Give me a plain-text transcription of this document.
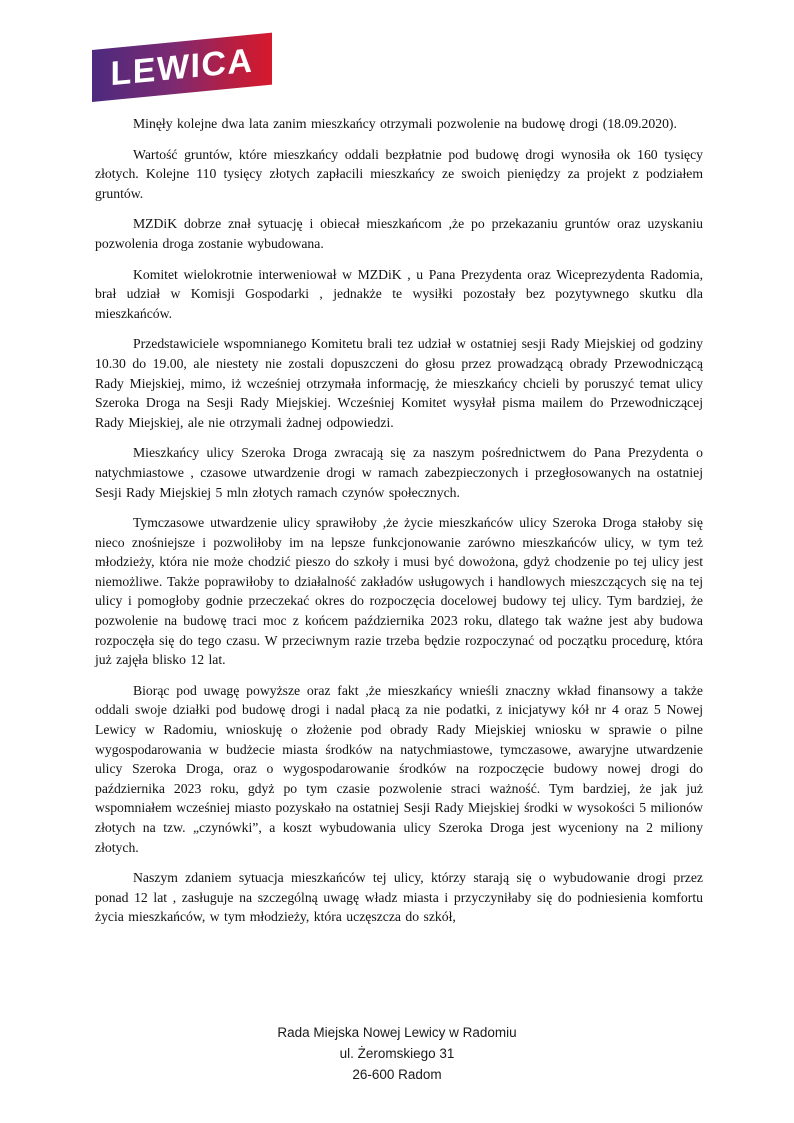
LEWICA

Minęły kolejne dwa lata zanim mieszkańcy otrzymali pozwolenie na budowę drogi (18.09.2020).

Wartość gruntów, które mieszkańcy oddali bezpłatnie pod budowę drogi wynosiła ok 160 tysięcy złotych. Kolejne 110 tysięcy złotych zapłacili mieszkańcy ze swoich pieniędzy za projekt z podziałem gruntów.

MZDiK dobrze znał sytuację i obiecał mieszkańcom ,że po przekazaniu gruntów oraz uzyskaniu pozwolenia droga zostanie wybudowana.

Komitet wielokrotnie interweniował w MZDiK , u Pana Prezydenta oraz Wiceprezydenta Radomia, brał udział w Komisji Gospodarki , jednakże te wysiłki pozostały bez pozytywnego skutku dla mieszkańców.

Przedstawiciele wspomnianego Komitetu brali tez udział w ostatniej sesji Rady Miejskiej od godziny 10.30 do 19.00, ale niestety nie zostali dopuszczeni do głosu przez prowadzącą obrady Przewodniczącą Rady Miejskiej, mimo, iż wcześniej otrzymała informację, że mieszkańcy chcieli by poruszyć temat ulicy Szeroka Droga na Sesji Rady Miejskiej. Wcześniej Komitet wysyłał pisma mailem do Przewodniczącej Rady Miejskiej, ale nie otrzymali żadnej odpowiedzi.

Mieszkańcy ulicy Szeroka Droga zwracają się za naszym pośrednictwem do Pana Prezydenta o natychmiastowe , czasowe utwardzenie drogi w ramach zabezpieczonych i przegłosowanych na ostatniej Sesji Rady Miejskiej 5 mln złotych ramach czynów społecznych.

Tymczasowe utwardzenie ulicy sprawiłoby ,że życie mieszkańców ulicy Szeroka Droga stałoby się nieco znośniejsze i pozwoliłoby im na lepsze funkcjonowanie zarówno mieszkańców ulicy, w tym też młodzieży, która nie może chodzić pieszo do szkoły i musi być dowożona, gdyż chodzenie po tej ulicy jest niemożliwe. Także poprawiłoby to działalność zakładów usługowych i handlowych mieszczących się na tej ulicy i pomogłoby godnie przeczekać okres do rozpoczęcia docelowej budowy tej ulicy. Tym bardziej, że pozwolenie na budowę traci moc z końcem października 2023 roku, dlatego tak ważne jest aby budowa rozpoczęła się do tego czasu. W przeciwnym razie trzeba będzie rozpoczynać od początku procedurę, która już zajęła blisko 12 lat.

Biorąc pod uwagę powyższe oraz fakt ,że mieszkańcy wnieśli znaczny wkład finansowy a także oddali swoje działki pod budowę drogi i nadal płacą za nie podatki, z inicjatywy kół nr 4 oraz 5 Nowej Lewicy w Radomiu, wnioskuję o złożenie pod obrady Rady Miejskiej wniosku w sprawie o pilne wygospodarowania w budżecie miasta środków na natychmiastowe, tymczasowe, awaryjne utwardzenie ulicy Szeroka Droga, oraz o wygospodarowanie środków na rozpoczęcie budowy nowej drogi do października 2023 roku, gdyż po tym czasie pozwolenie straci ważność. Tym bardziej, że jak już wspomniałem wcześniej miasto pozyskało na ostatniej Sesji Rady Miejskiej środki w wysokości 5 milionów złotych na tzw. „czynówki”, a koszt wybudowania ulicy Szeroka Droga jest wyceniony na 2 miliony złotych.

Naszym zdaniem sytuacja mieszkańców tej ulicy, którzy starają się o wybudowanie drogi przez ponad 12 lat , zasługuje na szczególną uwagę władz miasta i przyczyniłaby się do podniesienia komfortu życia mieszkańców, w tym młodzieży, która uczęszcza do szkół,

Rada Miejska Nowej Lewicy w Radomiu
ul. Żeromskiego 31
26-600 Radom
